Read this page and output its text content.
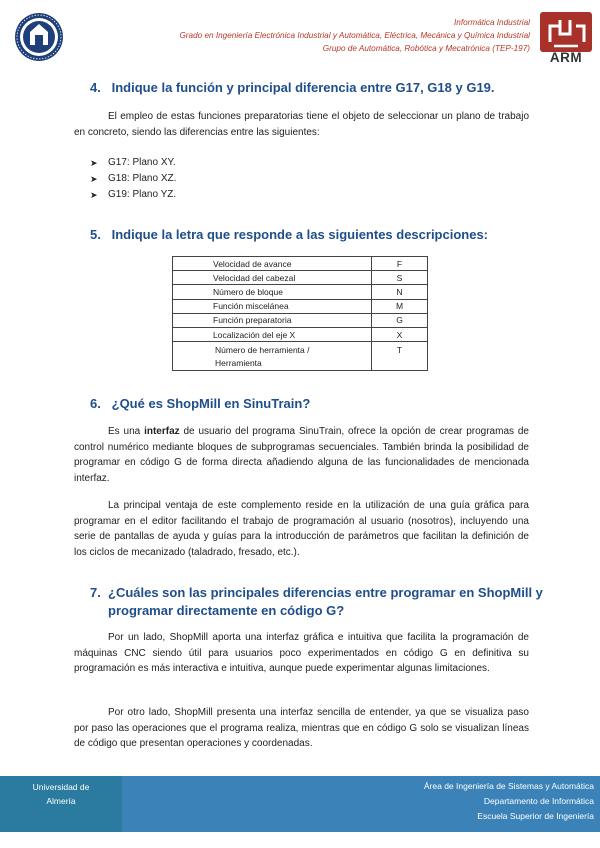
Informática Industrial
Grado en Ingeniería Electrónica Industrial y Automática, Eléctrica, Mecánica y Química Industrial
Grupo de Automática, Robótica y Mecatrónica (TEP-197)
ARM
4. Indique la función y principal diferencia entre G17, G18 y G19.

El empleo de estas funciones preparatorias tiene el objeto de seleccionar un plano de trabajo en concreto, siendo las diferencias entre las siguientes:

➤	G17: Plano XY.
➤	G18: Plano XZ.
➤	G19: Plano YZ.
5. Indique la letra que responde a las siguientes descripciones:
Velocidad de avance	F
Velocidad del cabezal	S
Número de bloque	N
Función miscelánea	M
Función preparatoria	G
Localización del eje X	X

Número de herramienta /
Herramienta	T
6. ¿Qué es ShopMill en SinuTrain?

Es una interfaz de usuario del programa SinuTrain, ofrece la opción de crear programas de control numérico mediante bloques de subprogramas secuenciales. También brinda la posibilidad de programar en código G de forma directa añadiendo alguna de las funcionalidades de mencionada interfaz.

La principal ventaja de este complemento reside en la utilización de una guía gráfica para programar en el editor facilitando el trabajo de programación al usuario (nosotros), incluyendo una serie de pantallas de ayuda y guías para la introducción de parámetros que facilitan la definición de los ciclos de mecanizado (taladrado, fresado, etc.).

7. ¿Cuáles son las principales diferencias entre programar en ShopMill y
programar directamente en código G?

Por un lado, ShopMill aporta una interfaz gráfica e intuitiva que facilita la programación de máquinas CNC siendo útil para usuarios poco experimentados en código G en definitiva su programación es más interactiva e intuitiva, aunque puede experimentar algunas limitaciones.

Por otro lado, ShopMill presenta una interfaz sencilla de entender, ya que se visualiza paso por paso las operaciones que el programa realiza, mientras que en código G solo se visualizan líneas de código que presentan operaciones y coordenadas.

Universidad de
Almería
Área de Ingeniería de Sistemas y Automática
Departamento de Informática
Escuela Superior de Ingeniería
